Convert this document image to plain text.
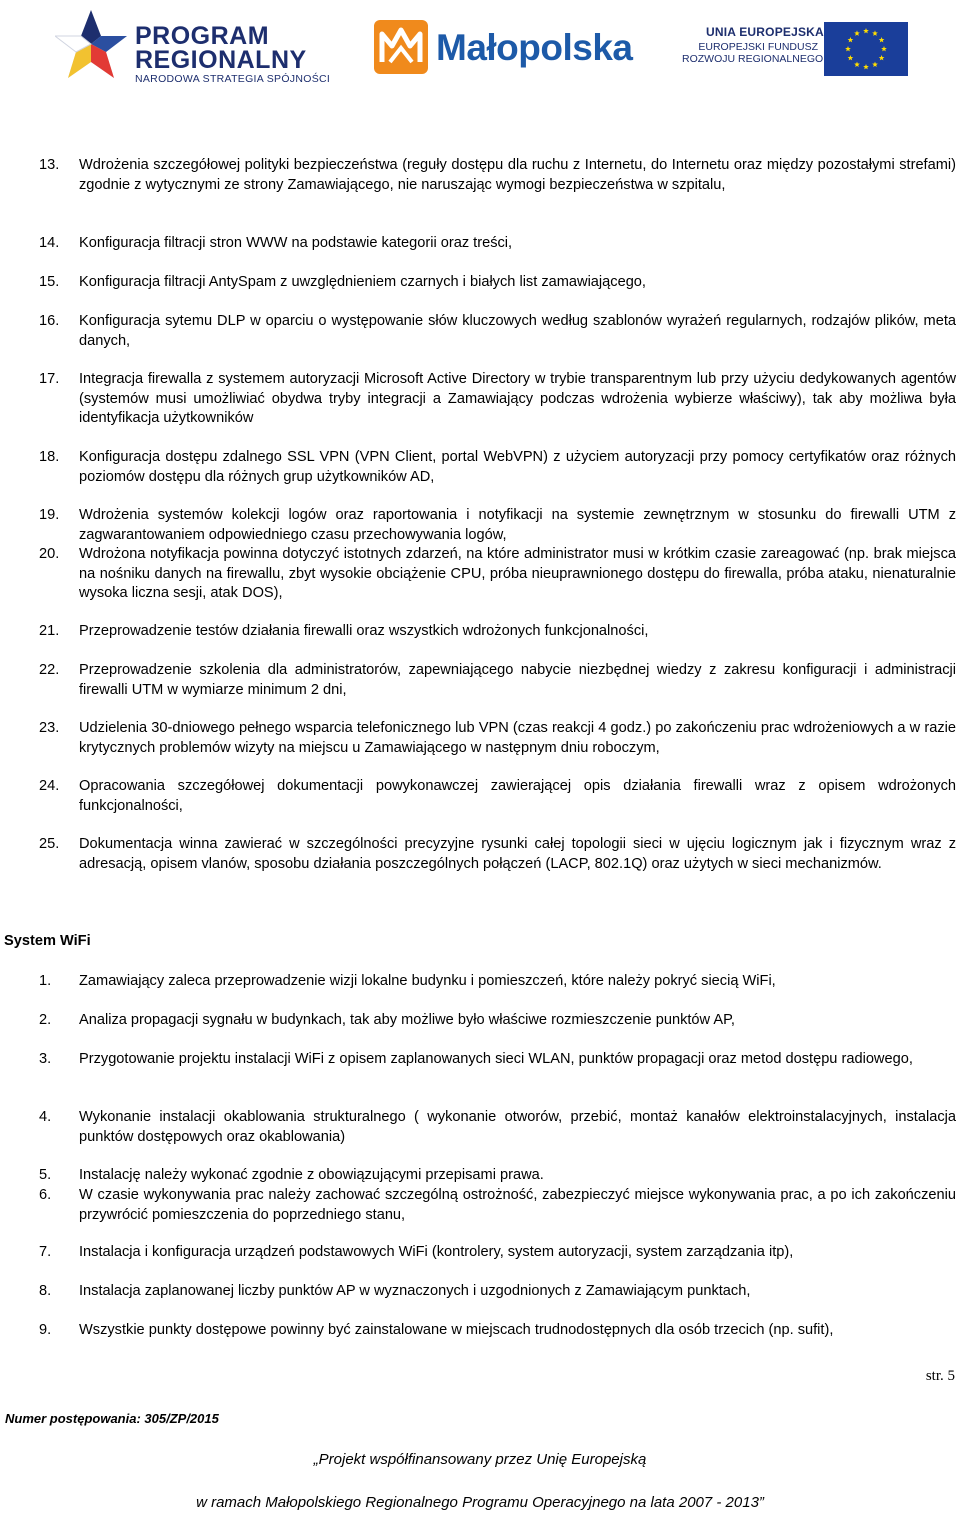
PROGRAM
REGIONALNY
NARODOWA STRATEGIA SPÓJNOŚCI
Małopolska	UNIA EUROPEJSKA
EUROPEJSKI FUNDUSZ
ROZWOJU REGIONALNEGO
13. Wdrożenia szczegółowej polityki bezpieczeństwa (reguły dostępu dla ruchu z Internetu, do Internetu oraz między pozostałymi strefami) zgodnie z wytycznymi ze strony Zamawiającego, nie naruszając wymogi bezpieczeństwa w szpitalu,
14. Konfiguracja filtracji stron WWW na podstawie kategorii oraz treści,
15. Konfiguracja filtracji AntySpam z uwzględnieniem czarnych i białych list zamawiającego,
16. Konfiguracja sytemu DLP w oparciu o występowanie słów kluczowych według szablonów wyrażeń regularnych, rodzajów plików, meta danych,
17. Integracja firewalla z systemem autoryzacji Microsoft Active Directory w trybie transparentnym lub przy użyciu dedykowanych agentów (systemów musi umożliwiać obydwa tryby integracji a Zamawiający podczas wdrożenia wybierze właściwy), tak aby możliwa była identyfikacja użytkowników
18. Konfiguracja dostępu zdalnego SSL VPN (VPN Client, portal WebVPN) z użyciem autoryzacji przy pomocy certyfikatów oraz różnych poziomów dostępu dla różnych grup użytkowników AD,
19. Wdrożenia systemów kolekcji logów oraz raportowania i notyfikacji na systemie zewnętrznym w stosunku do firewalli UTM z zagwarantowaniem odpowiedniego czasu przechowywania logów,
20. Wdrożona notyfikacja powinna dotyczyć istotnych zdarzeń, na które administrator musi w krótkim czasie zareagować (np. brak miejsca na nośniku danych na firewallu, zbyt wysokie obciążenie CPU, próba nieuprawnionego dostępu do firewalla, próba ataku, nienaturalnie wysoka liczna sesji, atak DOS),
21. Przeprowadzenie testów działania firewalli oraz wszystkich wdrożonych funkcjonalności,
22. Przeprowadzenie szkolenia dla administratorów, zapewniającego nabycie niezbędnej wiedzy z zakresu konfiguracji i administracji firewalli UTM w wymiarze minimum 2 dni,
23. Udzielenia 30-dniowego pełnego wsparcia telefonicznego lub VPN (czas reakcji 4 godz.) po zakończeniu prac wdrożeniowych a w razie krytycznych problemów wizyty na miejscu u Zamawiającego w następnym dniu roboczym,
24. Opracowania szczegółowej dokumentacji powykonawczej zawierającej opis działania firewalli wraz z opisem wdrożonych funkcjonalności,
25. Dokumentacja winna zawierać w szczególności precyzyjne rysunki całej topologii sieci w ujęciu logicznym jak i fizycznym wraz z adresacją, opisem vlanów, sposobu działania poszczególnych połączeń (LACP, 802.1Q) oraz użytych w sieci mechanizmów.
System WiFi
1. Zamawiający zaleca przeprowadzenie wizji lokalne budynku i pomieszczeń, które należy pokryć siecią WiFi,
2. Analiza propagacji sygnału w budynkach, tak aby możliwe było właściwe rozmieszczenie punktów AP,
3. Przygotowanie projektu instalacji WiFi z opisem zaplanowanych sieci WLAN, punktów propagacji oraz metod dostępu radiowego,
4. Wykonanie instalacji okablowania strukturalnego ( wykonanie otworów, przebić, montaż kanałów elektroinstalacyjnych, instalacja punktów dostępowych oraz okablowania)
5. Instalację należy wykonać zgodnie z obowiązującymi przepisami prawa.
6. W czasie wykonywania prac należy zachować szczególną ostrożność, zabezpieczyć miejsce wykonywania prac, a po ich zakończeniu przywrócić pomieszczenia do poprzedniego stanu,
7. Instalacja i konfiguracja urządzeń podstawowych WiFi (kontrolery, system autoryzacji, system zarządzania itp),
8. Instalacja zaplanowanej liczby punktów AP w wyznaczonych i uzgodnionych z Zamawiającym punktach,
9. Wszystkie punkty dostępowe powinny być zainstalowane w miejscach trudnodostępnych dla osób trzecich (np. sufit),
str. 5
Numer postępowania: 305/ZP/2015
„Projekt współfinansowany przez Unię Europejską
w ramach Małopolskiego Regionalnego Programu Operacyjnego na lata 2007 - 2013”
